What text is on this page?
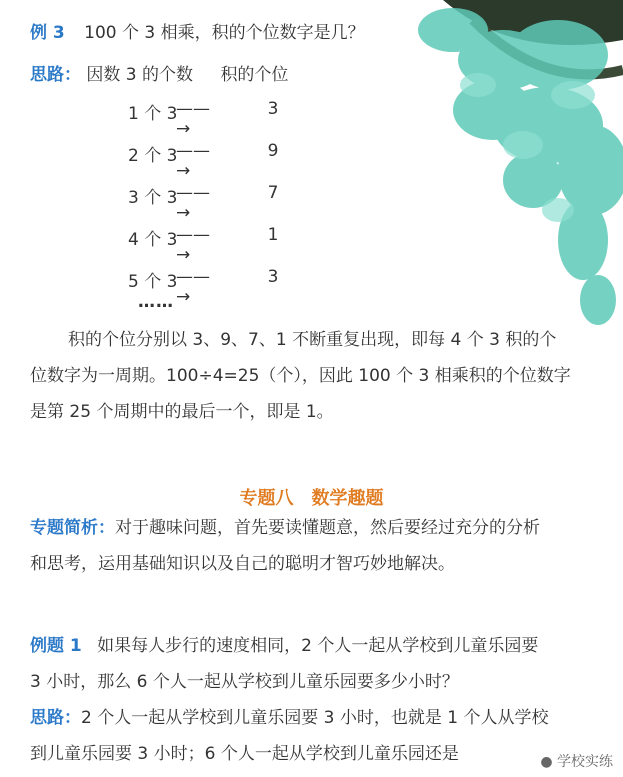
例 3 100 个 3 相乘，积的个位数字是几？
思路： 因数 3 的个数 积的个位
1 个 3
——→
3
2 个 3
——→
9
3 个 3
——→
7
4 个 3
——→
1
5 个 3
——→
3
……
积的个位分别以 3、9、7、1 不断重复出现，即每 4 个 3 积的个
位数字为一周期。100÷4=25（个），因此 100 个 3 相乘积的个位数字
是第 25 个周期中的最后一个，即是 1。
专题八　数学趣题
专题简析：对于趣味问题，首先要读懂题意，然后要经过充分的分析
和思考，运用基础知识以及自己的聪明才智巧妙地解决。
例题 1 如果每人步行的速度相同，2 个人一起从学校到儿童乐园要
3 小时，那么 6 个人一起从学校到儿童乐园要多少小时？
思路：2 个人一起从学校到儿童乐园要 3 小时，也就是 1 个人从学校
到儿童乐园要 3 小时；6 个人一起从学校到儿童乐园还是	● 学校实练
